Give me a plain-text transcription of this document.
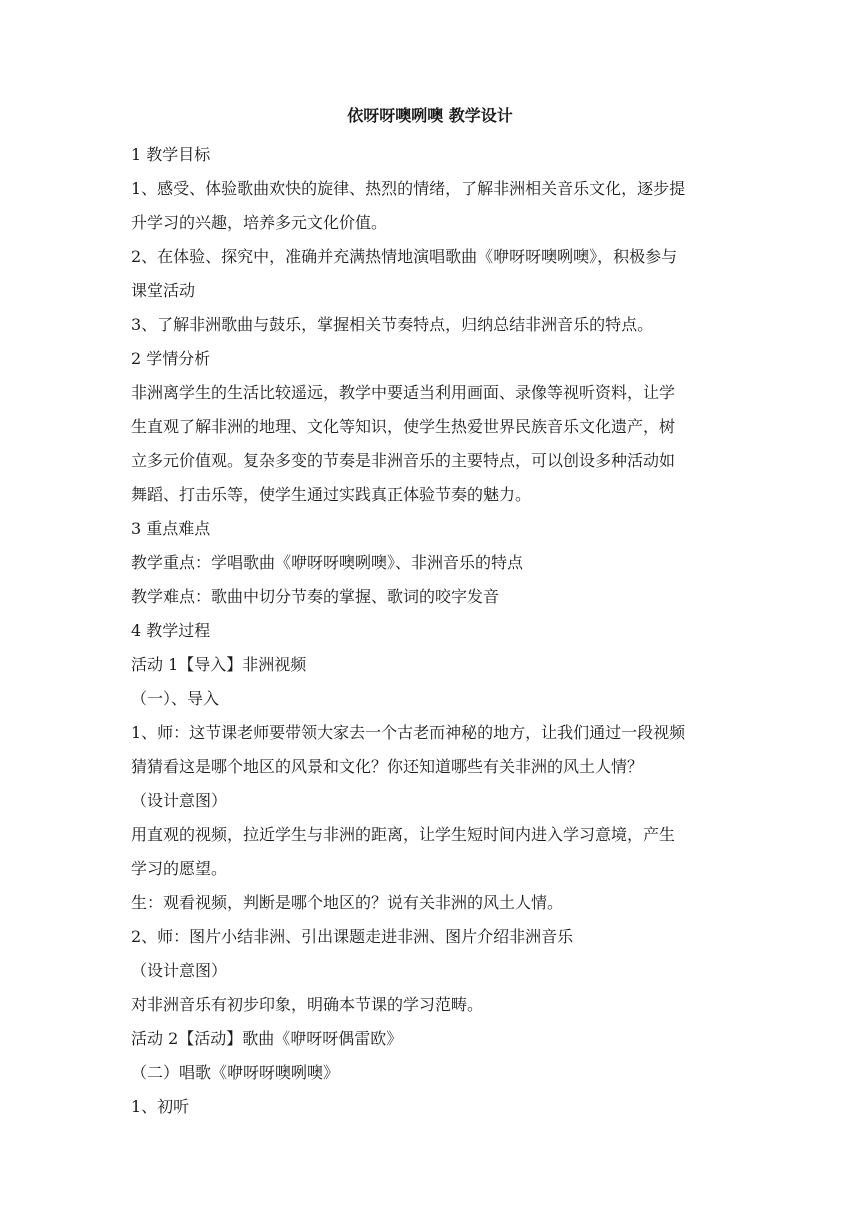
依呀呀噢咧噢 教学设计
1 教学目标
1、感受、体验歌曲欢快的旋律、热烈的情绪，了解非洲相关音乐文化，逐步提
升学习的兴趣，培养多元文化价值。
2、在体验、探究中，准确并充满热情地演唱歌曲《咿呀呀噢咧噢》，积极参与
课堂活动
3、了解非洲歌曲与鼓乐，掌握相关节奏特点，归纳总结非洲音乐的特点。
2 学情分析
非洲离学生的生活比较遥远，教学中要适当利用画面、录像等视听资料，让学
生直观了解非洲的地理、文化等知识，使学生热爱世界民族音乐文化遗产，树
立多元价值观。复杂多变的节奏是非洲音乐的主要特点，可以创设多种活动如
舞蹈、打击乐等，使学生通过实践真正体验节奏的魅力。
3 重点难点
教学重点：学唱歌曲《咿呀呀噢咧噢》、非洲音乐的特点
教学难点：歌曲中切分节奏的掌握、歌词的咬字发音
4 教学过程
活动 1【导入】非洲视频
（一）、导入
1、师：这节课老师要带领大家去一个古老而神秘的地方，让我们通过一段视频
猜猜看这是哪个地区的风景和文化？你还知道哪些有关非洲的风土人情？
（设计意图）
用直观的视频，拉近学生与非洲的距离，让学生短时间内进入学习意境，产生
学习的愿望。
生：观看视频，判断是哪个地区的？说有关非洲的风土人情。
2、师：图片小结非洲、引出课题走进非洲、图片介绍非洲音乐
（设计意图）
对非洲音乐有初步印象，明确本节课的学习范畴。
活动 2【活动】歌曲《咿呀呀偶雷欧》
（二）唱歌《咿呀呀噢咧噢》
1、初听
